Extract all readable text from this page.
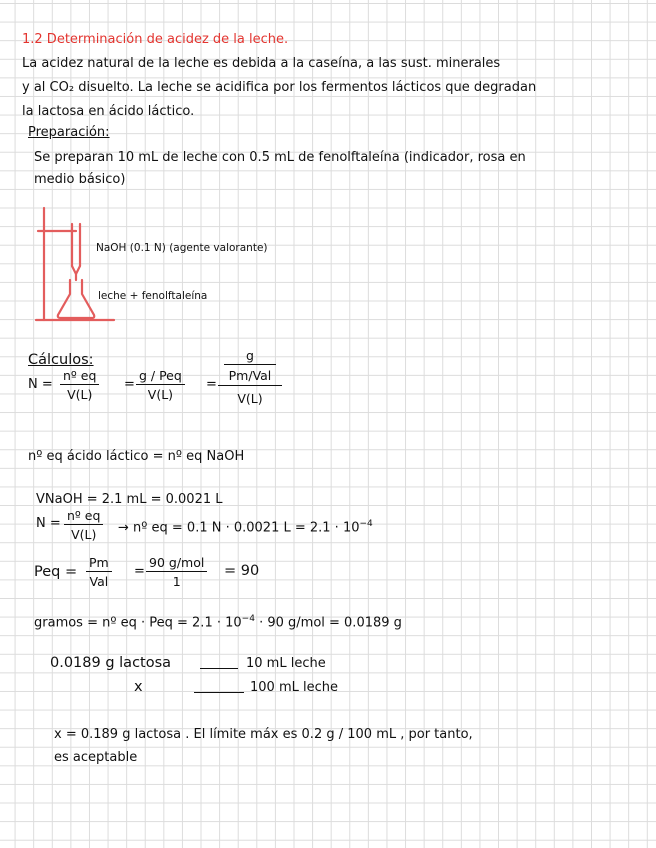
1.2 Determinación de acidez de la leche.
La acidez natural de la leche es debida a la caseína, a las sust. minerales
y al CO₂ disuelto. La leche se acidifica por los fermentos lácticos que degradan
la lactosa en ácido láctico.
Preparación:
Se preparan 10 mL de leche con 0.5 mL de fenolftaleína (indicador, rosa en
medio básico)
NaOH (0.1 N) (agente valorante)
leche + fenolftaleína
Cálculos:
$N = \frac{\text{nº eq}}{V(L)}$ =
g / Peq
V(L)
=
g
Pm/Val
V(L)
nº eq ácido láctico = nº eq NaOH
VNaOH = 2.1 mL = 0.0021 L
$N = \frac{\text{nº eq}}{V(L)}$ → nº eq = 0.1 N · 0.0021 $L = 2.1 \cdot 10^{-4}$
Peq =
Pm
Val
=
90 g/mol
1
= 90
gramos = nº eq · Peq = $2.1 \cdot 10^{-4} \cdot 90$ g/mol = 0.0189 g
0.0189 g lactosa	10 mL leche
x	100 mL leche
x = 0.189 g lactosa . El límite máx es 0.2 g / 100 mL , por tanto,
es aceptable
